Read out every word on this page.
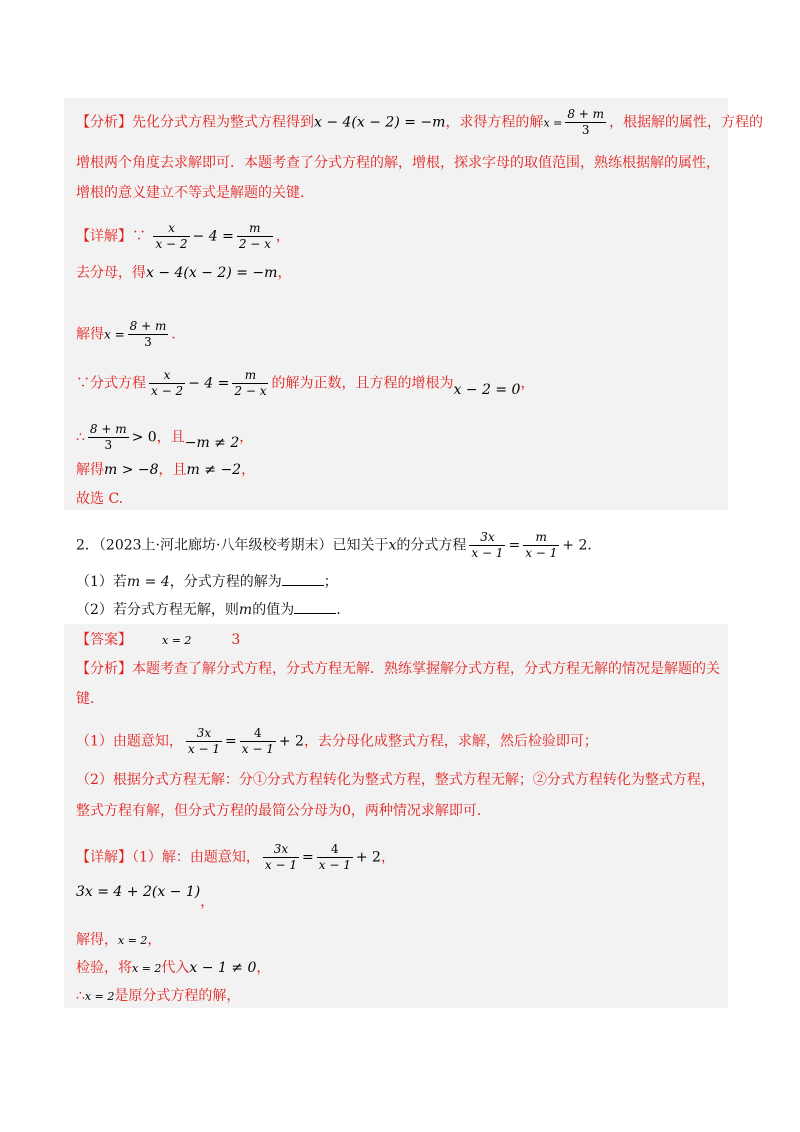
【分析】先化分式方程为整式方程得到x − 4(x − 2) = −m，求得方程的解$x = \frac{8 + m}{3}$ ，根据解的属性，方程的
增根两个角度去求解即可．本题考查了分式方程的解，增根，探求字母的取值范围，熟练根据解的属性，
增根的意义建立不等式是解题的关键．
【详解】∵ $\frac{x}{x - 2} - 4 = \frac{m}{2 - x}$ ，
去分母，得x − 4(x − 2) = −m，
解得$x = \frac{8 + m}{3}$ ．
∵分式方程 $\frac{x}{x - 2} - 4 = \frac{m}{2 - x}$ 的解为正数，且方程的增根为x − 2 = 0，
∴ $\frac{8 + m}{3} > 0$，且−m ≠ 2，
解得m > −8，且m ≠ −2，
故选 C.
2．（2023上·河北廊坊·八年级校考期末）已知关于x的分式方程 $\frac{3x}{x - 1} = \frac{m}{x - 1} + 2$．
（1）若m = 4，分式方程的解为	；
（2）若分式方程无解，则m的值为	．
【答案】	x = 2	3
【分析】本题考查了解分式方程，分式方程无解．熟练掌握解分式方程，分式方程无解的情况是解题的关
键．
（1）由题意知， $\frac{3x}{x - 1} = \frac{4}{x - 1} + 2$，去分母化成整式方程，求解，然后检验即可；
（2）根据分式方程无解：分①分式方程转化为整式方程，整式方程无解；②分式方程转化为整式方程，
整式方程有解，但分式方程的最简公分母为0，两种情况求解即可．
【详解】（1）解：由题意知， $\frac{3x}{x - 1} = \frac{4}{x - 1} + 2$，
3x = 4 + 2(x − 1)，
解得，x = 2，
检验，将x = 2代入x − 1 ≠ 0，
∴x = 2是原分式方程的解，
